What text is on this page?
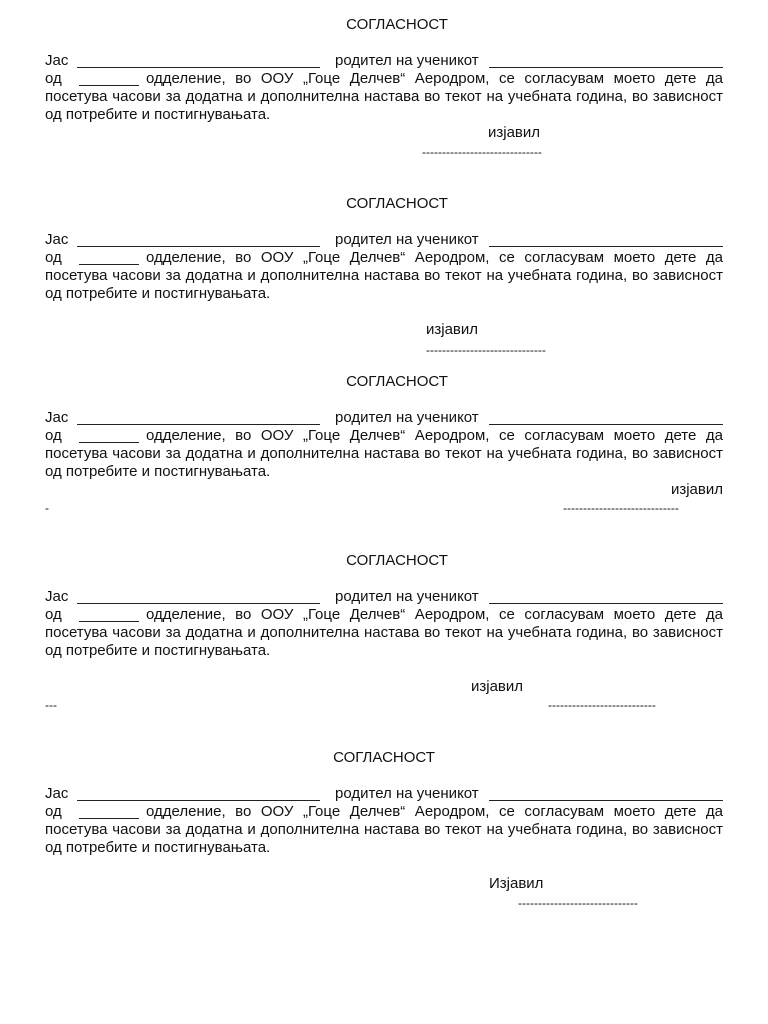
СОГЛАСНОСТ
Јас	родител на ученикот
од	одделение, во ООУ „Гоце Делчев“ Аеродром, се согласувам моето дете да

посетува часови за додатна и дополнителна настава во текот на учебната година, во зависност

од потребите и постигнувањата.
изјавил
------------------------------
СОГЛАСНОСТ
Јас	родител на ученикот
од	одделение, во ООУ „Гоце Делчев“ Аеродром, се согласувам моето дете да

посетува часови за додатна и дополнителна настава во текот на учебната година, во зависност

од потребите и постигнувањата.
изјавил
------------------------------
СОГЛАСНОСТ
Јас	родител на ученикот
од	одделение, во ООУ „Гоце Делчев“ Аеродром, се согласувам моето дете да

посетува часови за додатна и дополнителна настава во текот на учебната година, во зависност

од потребите и постигнувањата.
изјавил
-	-----------------------------
СОГЛАСНОСТ
Јас	родител на ученикот
од	одделение, во ООУ „Гоце Делчев“ Аеродром, се согласувам моето дете да

посетува часови за додатна и дополнителна настава во текот на учебната година, во зависност

од потребите и постигнувањата.
изјавил
---	---------------------------
СОГЛАСНОСТ
Јас	родител на ученикот
од	одделение, во ООУ „Гоце Делчев“ Аеродром, се согласувам моето дете да

посетува часови за додатна и дополнителна настава во текот на учебната година, во зависност

од потребите и постигнувањата.
Изјавил
------------------------------
